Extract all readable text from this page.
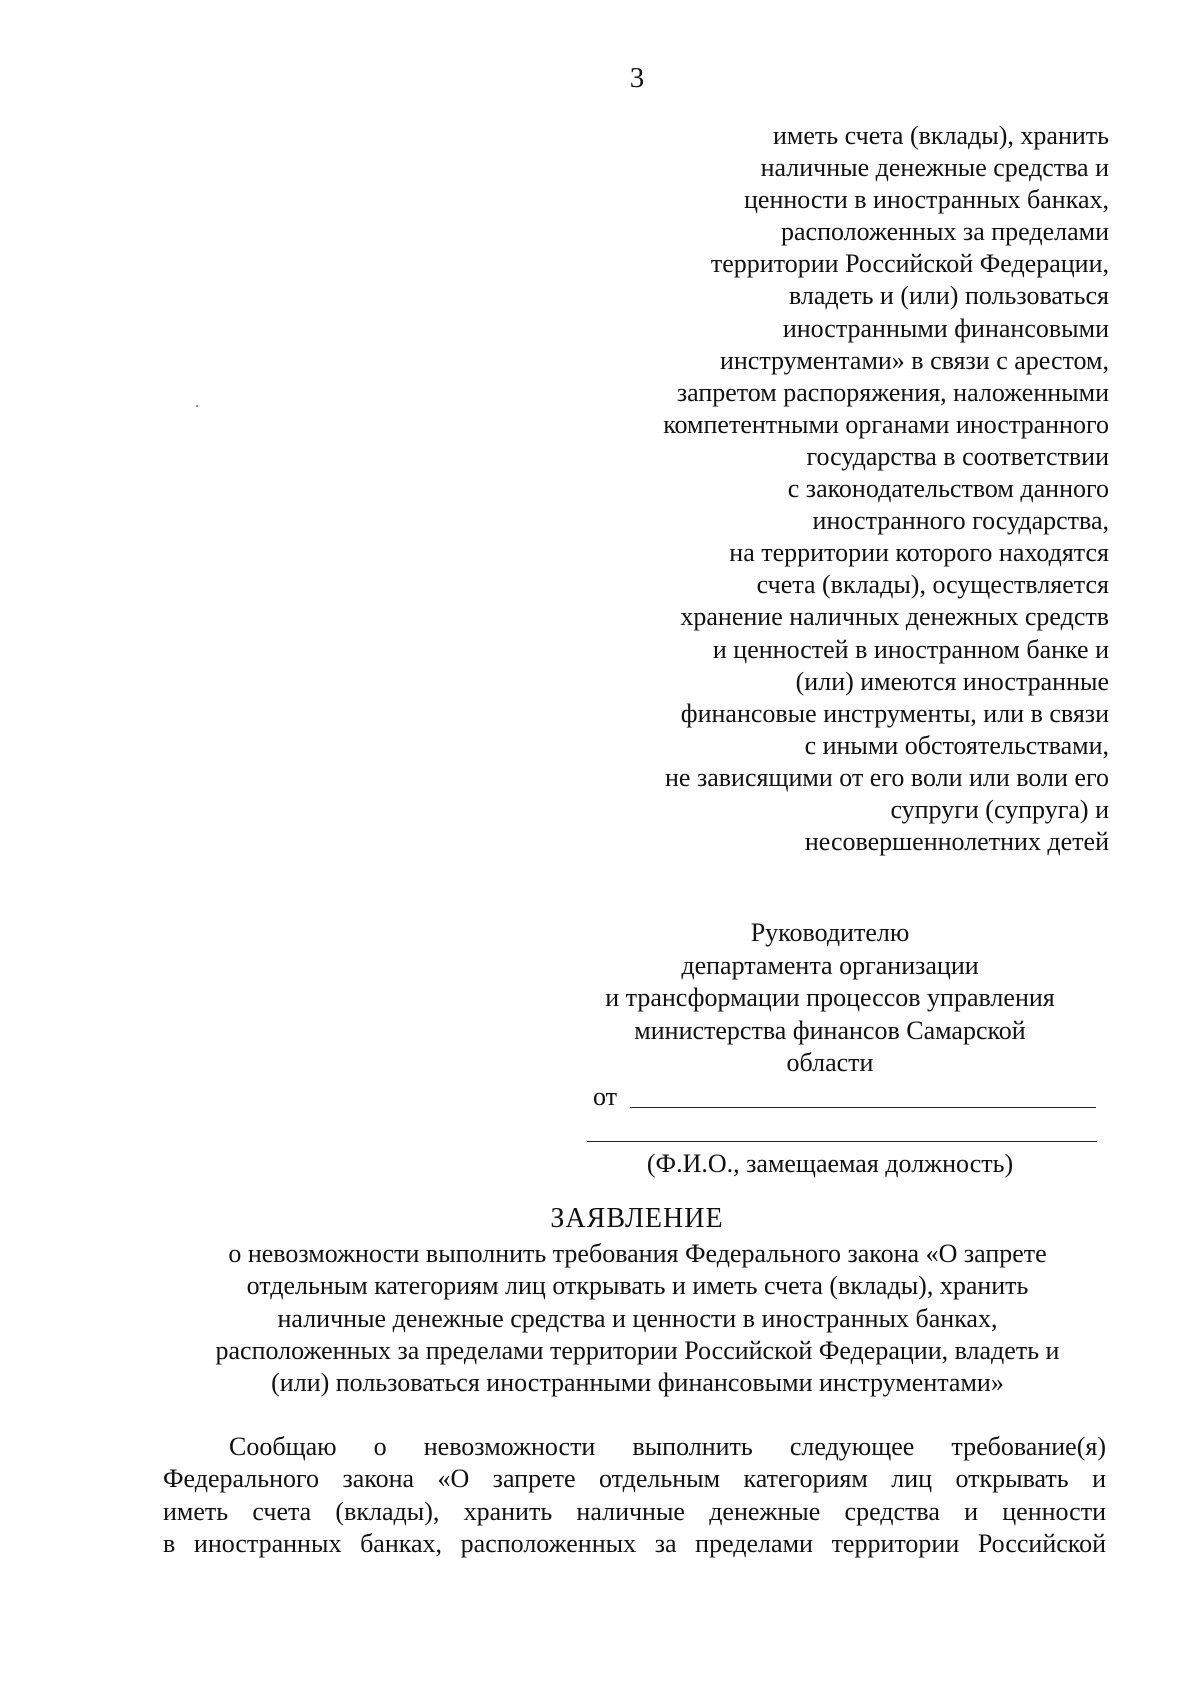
3
иметь счета (вклады), хранить
наличные денежные средства и
ценности в иностранных банках,
расположенных за пределами
территории Российской Федерации,
владеть и (или) пользоваться
иностранными финансовыми
инструментами» в связи с арестом,
запретом распоряжения, наложенными
компетентными органами иностранного
государства в соответствии
с законодательством данного
иностранного государства,
на территории которого находятся
счета (вклады), осуществляется
хранение наличных денежных средств
и ценностей в иностранном банке и
(или) имеются иностранные
финансовые инструменты, или в связи
с иными обстоятельствами,
не зависящими от его воли или воли его
супруги (супруга) и
несовершеннолетних детей
Руководителю
департамента организации
и трансформации процессов управления
министерства финансов Самарской
области
от
(Ф.И.О., замещаемая должность)
ЗАЯВЛЕНИЕ
о невозможности выполнить требования Федерального закона «О запрете
отдельным категориям лиц открывать и иметь счета (вклады), хранить
наличные денежные средства и ценности в иностранных банках,
расположенных за пределами территории Российской Федерации, владеть и
(или) пользоваться иностранными финансовыми инструментами»
Сообщаю о невозможности выполнить следующее требование(я)
Федерального закона «О запрете отдельным категориям лиц открывать и
иметь счета (вклады), хранить наличные денежные средства и ценности
в иностранных банках, расположенных за пределами территории Российской
